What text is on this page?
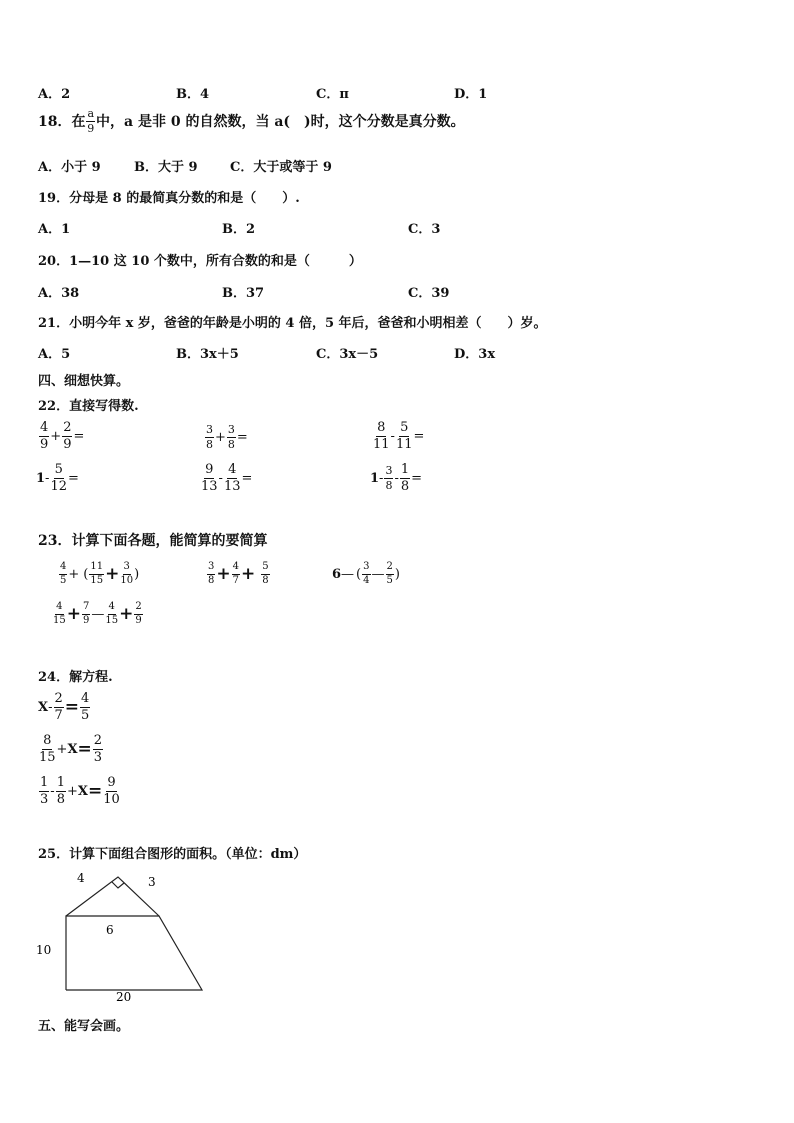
A．2	B．4	C．π	D．1
18．在 $\frac{a}{9}$ 中，a 是非 0 的自然数，当 a(　)时，这个分数是真分数。
A．小于 9	B．大于 9 C．大于或等于 9
19．分母是 8 的最简真分数的和是（　　）.
A．1	B．2	C．3
20．1—10 这 10 个数中，所有合数的和是（　　　）
A．38	B．37	C．39
21．小明今年 x 岁，爸爸的年龄是小明的 4 倍，5 年后，爸爸和小明相差（　　）岁。
A．5	B．3x＋5	C．3x－5	D．3x
四、细想快算。
22．直接写得数.
$\frac{4}{9} + \frac{2}{9}$ =	$\frac{3}{8} + \frac{3}{8}$ =	$\frac{8}{11} - \frac{5}{11}$ =
$1 - \frac{5}{12}$ =	$\frac{9}{13} - \frac{4}{13}$ =	$1 - \frac{3}{8} - \frac{1}{8}$ =
23．计算下面各题，能简算的要简算
$\frac{4}{5}$ + ( $\frac{11}{15} + \frac{3}{10}$ )	$\frac{3}{8} + \frac{4}{7} + \frac{5}{8}$	6 — ( $\frac{3}{4}$ — $\frac{2}{5}$ )
$\frac{4}{15} + \frac{7}{9}$ — $\frac{4}{15} + \frac{2}{9}$
24．解方程.
$X - \frac{2}{7} = \frac{4}{5}$
$\frac{8}{15} + X = \frac{2}{3}$
$\frac{1}{3} - \frac{1}{8} + X = \frac{9}{10}$
25．计算下面组合图形的面积。（单位：dm）
4	3
6
10
20
五、能写会画。
